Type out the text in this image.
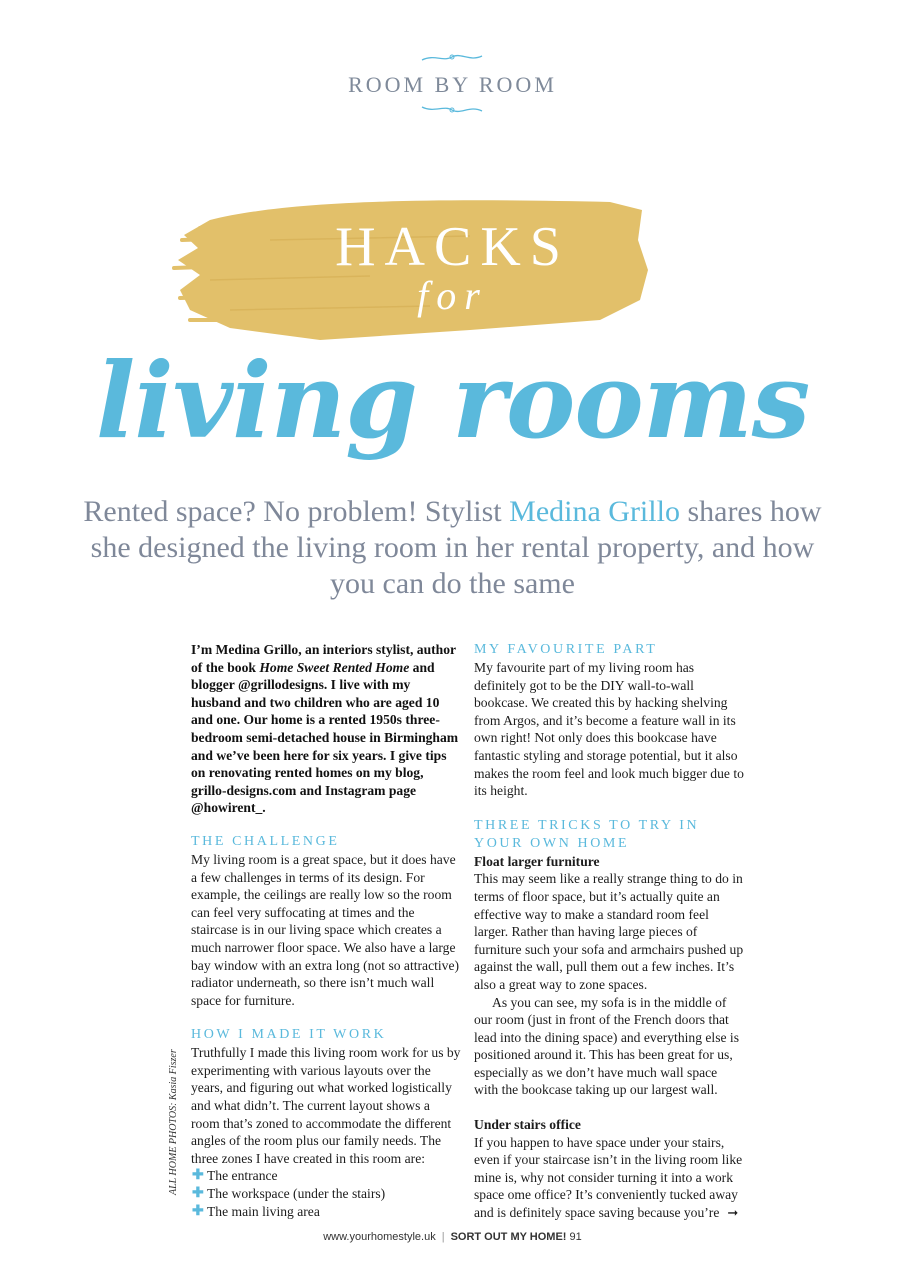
ROOM BY ROOM
HACKS
for
living rooms
Rented space? No problem! Stylist Medina Grillo shares how she designed the living room in her rental property, and how you can do the same

I’m Medina Grillo, an interiors stylist, author of the book Home Sweet Rented Home and blogger @grillodesigns. I live with my husband and two children who are aged 10 and one. Our home is a rented 1950s three-bedroom semi-detached house in Birmingham and we’ve been here for six years. I give tips on renovating rented homes on my blog, grillo-designs.com and Instagram page @howirent_.

THE CHALLENGE

My living room is a great space, but it does have a few challenges in terms of its design. For example, the ceilings are really low so the room can feel very suffocating at times and the staircase is in our living space which creates a much narrower floor space. We also have a large bay window with an extra long (not so attractive) radiator underneath, so there isn’t much wall space for furniture.

HOW I MADE IT WORK

Truthfully I made this living room work for us by experimenting with various layouts over the years, and figuring out what worked logistically and what didn’t. The current layout shows a room that’s zoned to accommodate the different angles of the room plus our family needs. The three zones I have created in this room are:

✚ The entrance
✚ The workspace (under the stairs)
✚ The main living area

MY FAVOURITE PART

My favourite part of my living room has definitely got to be the DIY wall-to-wall bookcase. We created this by hacking shelving from Argos, and it’s become a feature wall in its own right! Not only does this bookcase have fantastic styling and storage potential, but it also makes the room feel and look much bigger due to its height.

THREE TRICKS TO TRY IN YOUR OWN HOME

Float larger furniture

This may seem like a really strange thing to do in terms of floor space, but it’s actually quite an effective way to make a standard room feel larger. Rather than having large pieces of furniture such your sofa and armchairs pushed up against the wall, pull them out a few inches. It’s also a great way to zone spaces.

As you can see, my sofa is in the middle of our room (just in front of the French doors that lead into the dining space) and everything else is positioned around it. This has been great for us, especially as we don’t have much wall space with the bookcase taking up our largest wall.

Under stairs office

If you happen to have space under your stairs, even if your staircase isn’t in the living room like mine is, why not consider turning it into a work space ome office? It’s conveniently tucked away and is definitely space saving because you’re ➞

ALL HOME PHOTOS: Kasia Fiszer
www.yourhomestyle.uk | SORT OUT MY HOME! 91
